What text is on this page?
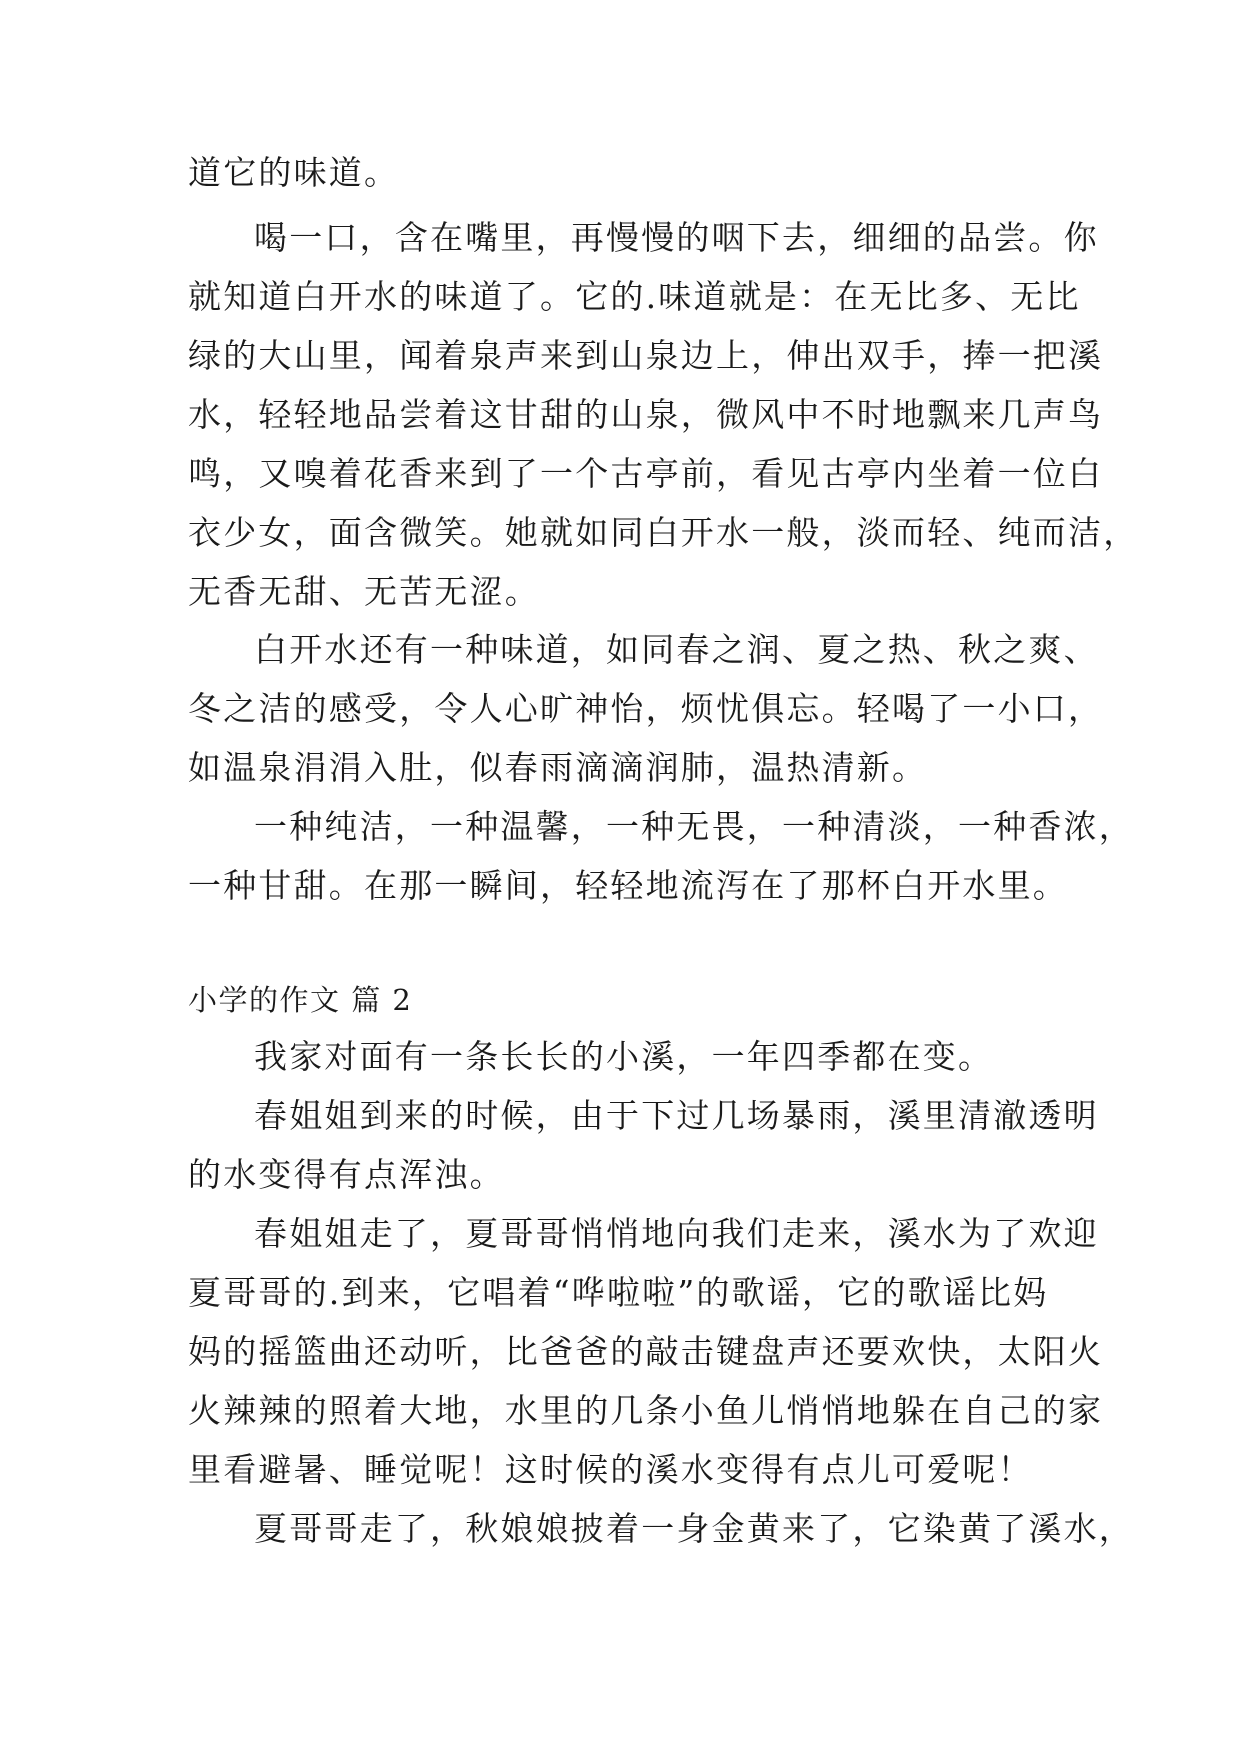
道它的味道。
喝一口，含在嘴里，再慢慢的咽下去，细细的品尝。你
就知道白开水的味道了。它的.味道就是：在无比多、无比
绿的大山里，闻着泉声来到山泉边上，伸出双手，捧一把溪
水，轻轻地品尝着这甘甜的山泉，微风中不时地飘来几声鸟
鸣，又嗅着花香来到了一个古亭前，看见古亭内坐着一位白
衣少女，面含微笑。她就如同白开水一般，淡而轻、纯而洁，
无香无甜、无苦无涩。
白开水还有一种味道，如同春之润、夏之热、秋之爽、
冬之洁的感受，令人心旷神怡，烦忧俱忘。轻喝了一小口，
如温泉涓涓入肚，似春雨滴滴润肺，温热清新。
一种纯洁，一种温馨，一种无畏，一种清淡，一种香浓，
一种甘甜。在那一瞬间，轻轻地流泻在了那杯白开水里。
小学的作文 篇 2
我家对面有一条长长的小溪，一年四季都在变。
春姐姐到来的时候，由于下过几场暴雨，溪里清澈透明
的水变得有点浑浊。
春姐姐走了，夏哥哥悄悄地向我们走来，溪水为了欢迎
夏哥哥的.到来，它唱着“哗啦啦”的歌谣，它的歌谣比妈
妈的摇篮曲还动听，比爸爸的敲击键盘声还要欢快，太阳火
火辣辣的照着大地，水里的几条小鱼儿悄悄地躲在自己的家
里看避暑、睡觉呢！这时候的溪水变得有点儿可爱呢！
夏哥哥走了，秋娘娘披着一身金黄来了，它染黄了溪水，
